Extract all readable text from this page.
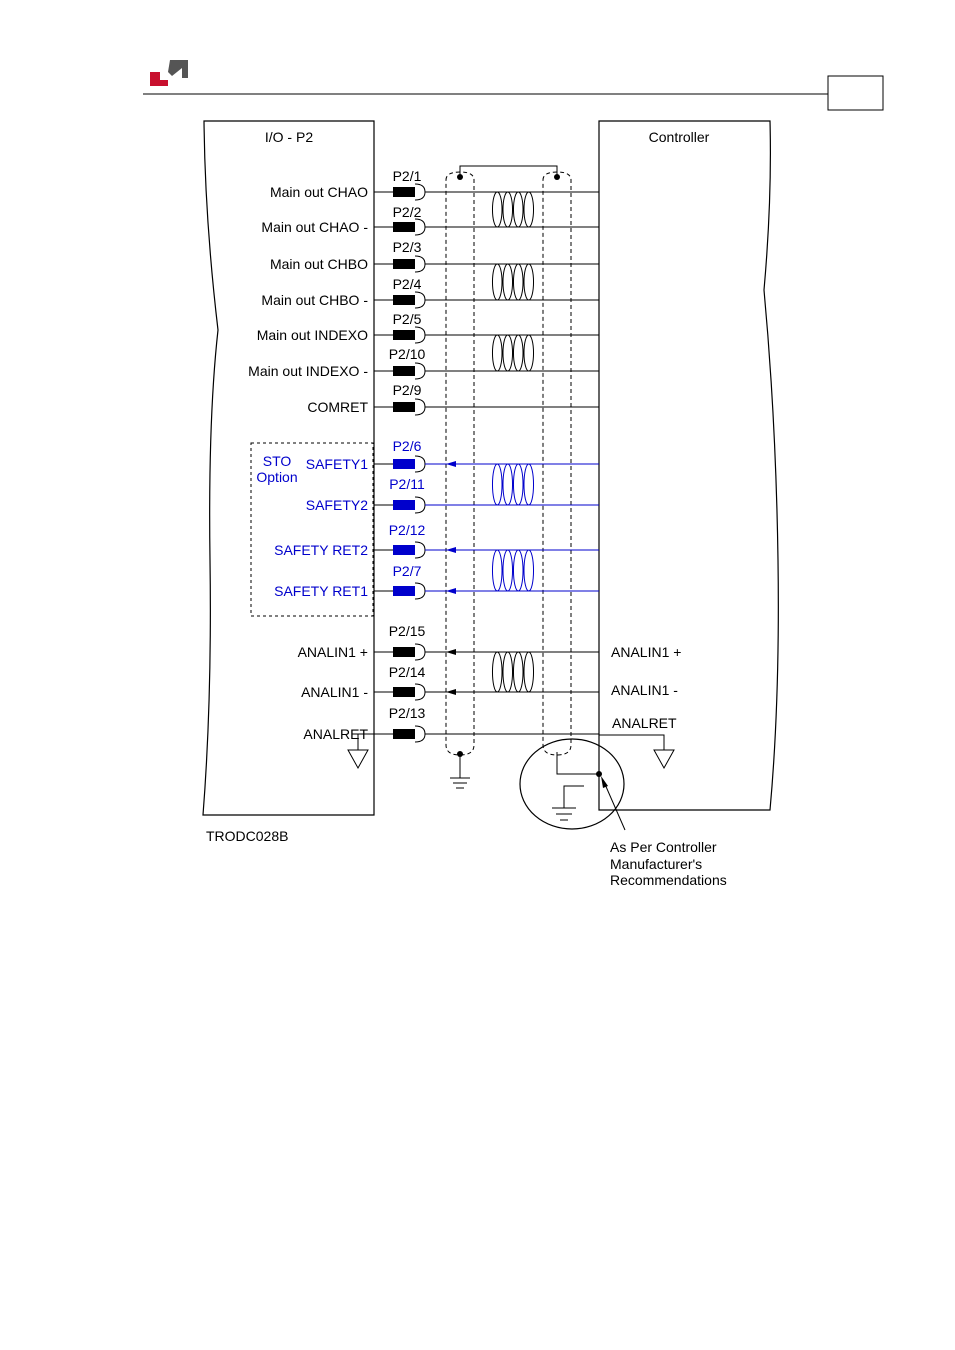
I/O - P2	Controller
STO Option
Main out CHAO
P2/1
Main out CHAO -
P2/2
Main out CHBO
P2/3
Main out CHBO -
P2/4
Main out INDEXO
P2/5
Main out INDEXO -
P2/10
COMRET
P2/9
SAFETY1
P2/6
SAFETY2
P2/11
SAFETY RET2
P2/12
SAFETY RET1
P2/7
ANALIN1 +
P2/15
ANALIN1 -
P2/14
ANALRET
P2/13
ANALIN1 +
ANALIN1 -
ANALRET
TRODC028B
As Per Controller
Manufacturer's
Recommendations
